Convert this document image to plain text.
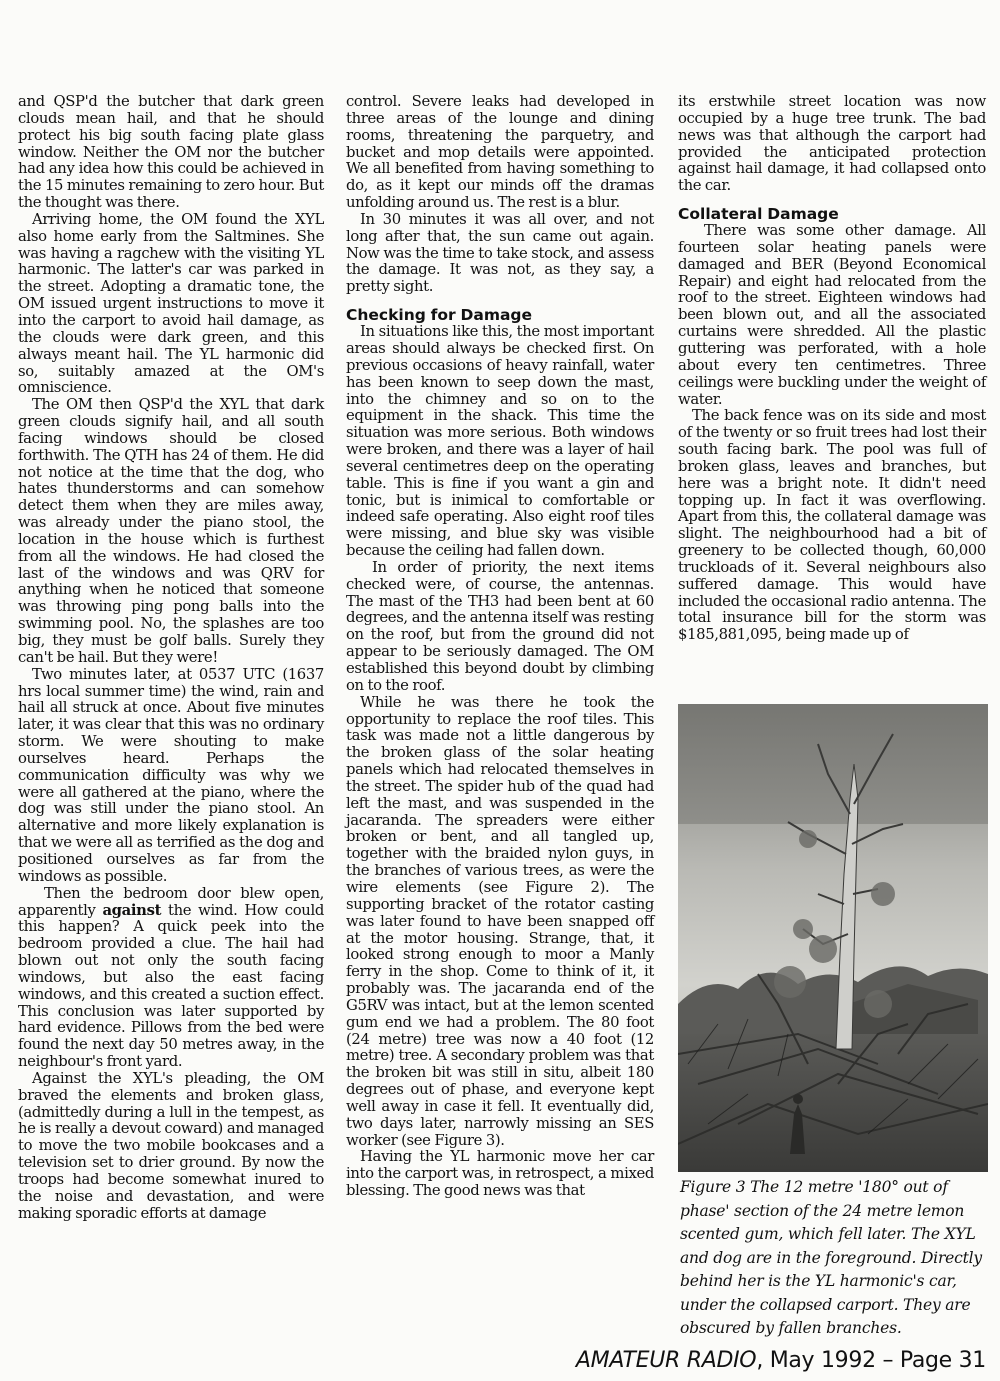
and QSP'd the butcher that dark green clouds mean hail, and that he should protect his big south facing plate glass window. Neither the OM nor the butcher had any idea how this could be achieved in the 15 minutes remaining to zero hour. But the thought was there.

Arriving home, the OM found the XYL also home early from the Saltmines. She was having a ragchew with the visiting YL harmonic. The latter's car was parked in the street. Adopting a dramatic tone, the OM issued urgent instructions to move it into the carport to avoid hail damage, as the clouds were dark green, and this always meant hail. The YL harmonic did so, suitably amazed at the OM's omniscience.

The OM then QSP'd the XYL that dark green clouds signify hail, and all south facing windows should be closed forthwith. The QTH has 24 of them. He did not notice at the time that the dog, who hates thunderstorms and can somehow detect them when they are miles away, was already under the piano stool, the location in the house which is furthest from all the windows. He had closed the last of the windows and was QRV for anything when he noticed that someone was throwing ping pong balls into the swimming pool. No, the splashes are too big, they must be golf balls. Surely they can't be hail. But they were!

Two minutes later, at 0537 UTC (1637 hrs local summer time) the wind, rain and hail all struck at once. About five minutes later, it was clear that this was no ordinary storm. We were shouting to make ourselves heard. Perhaps the communication difficulty was why we were all gathered at the piano, where the dog was still under the piano stool. An alternative and more likely explanation is that we were all as terrified as the dog and positioned ourselves as far from the windows as possible.

Then the bedroom door blew open, apparently against the wind. How could this happen? A quick peek into the bedroom provided a clue. The hail had blown out not only the south facing windows, but also the east facing windows, and this created a suction effect. This conclusion was later supported by hard evidence. Pillows from the bed were found the next day 50 metres away, in the neighbour's front yard.

Against the XYL's pleading, the OM braved the elements and broken glass, (admittedly during a lull in the tempest, as he is really a devout coward) and managed to move the two mobile bookcases and a television set to drier ground. By now the troops had become somewhat inured to the noise and devastation, and were making sporadic efforts at damage

control. Severe leaks had developed in three areas of the lounge and dining rooms, threatening the parquetry, and bucket and mop details were appointed. We all benefited from having something to do, as it kept our minds off the dramas unfolding around us. The rest is a blur.

In 30 minutes it was all over, and not long after that, the sun came out again. Now was the time to take stock, and assess the damage. It was not, as they say, a pretty sight.

Checking for Damage

In situations like this, the most important areas should always be checked first. On previous occasions of heavy rainfall, water has been known to seep down the mast, into the chimney and so on to the equipment in the shack. This time the situation was more serious. Both windows were broken, and there was a layer of hail several centimetres deep on the operating table. This is fine if you want a gin and tonic, but is inimical to comfortable or indeed safe operating. Also eight roof tiles were missing, and blue sky was visible because the ceiling had fallen down.

In order of priority, the next items checked were, of course, the antennas. The mast of the TH3 had been bent at 60 degrees, and the antenna itself was resting on the roof, but from the ground did not appear to be seriously damaged. The OM established this beyond doubt by climbing on to the roof.

While he was there he took the opportunity to replace the roof tiles. This task was made not a little dangerous by the broken glass of the solar heating panels which had relocated themselves in the street. The spider hub of the quad had left the mast, and was suspended in the jacaranda. The spreaders were either broken or bent, and all tangled up, together with the braided nylon guys, in the branches of various trees, as were the wire elements (see Figure 2). The supporting bracket of the rotator casting was later found to have been snapped off at the motor housing. Strange, that, it looked strong enough to moor a Manly ferry in the shop. Come to think of it, it probably was. The jacaranda end of the G5RV was intact, but at the lemon scented gum end we had a problem. The 80 foot (24 metre) tree was now a 40 foot (12 metre) tree. A secondary problem was that the broken bit was still in situ, albeit 180 degrees out of phase, and everyone kept well away in case it fell. It eventually did, two days later, narrowly missing an SES worker (see Figure 3).

Having the YL harmonic move her car into the carport was, in retrospect, a mixed blessing. The good news was that

its erstwhile street location was now occupied by a huge tree trunk. The bad news was that although the carport had provided the anticipated protection against hail damage, it had collapsed onto the car.

Collateral Damage

There was some other damage. All fourteen solar heating panels were damaged and BER (Beyond Economical Repair) and eight had relocated from the roof to the street. Eighteen windows had been blown out, and all the associated curtains were shredded. All the plastic guttering was perforated, with a hole about every ten centimetres. Three ceilings were buckling under the weight of water.

The back fence was on its side and most of the twenty or so fruit trees had lost their south facing bark. The pool was full of broken glass, leaves and branches, but here was a bright note. It didn't need topping up. In fact it was overflowing. Apart from this, the collateral damage was slight. The neighbourhood had a bit of greenery to be collected though, 60,000 truckloads of it. Several neighbours also suffered damage. This would have included the occasional radio antenna. The total insurance bill for the storm was $185,881,095, being made up of

Figure 3 The 12 metre '180° out of phase' section of the 24 metre lemon scented gum, which fell later. The XYL and dog are in the foreground. Directly behind her is the YL harmonic's car, under the collapsed carport. They are obscured by fallen branches.
AMATEUR RADIO, May 1992 – Page 31
